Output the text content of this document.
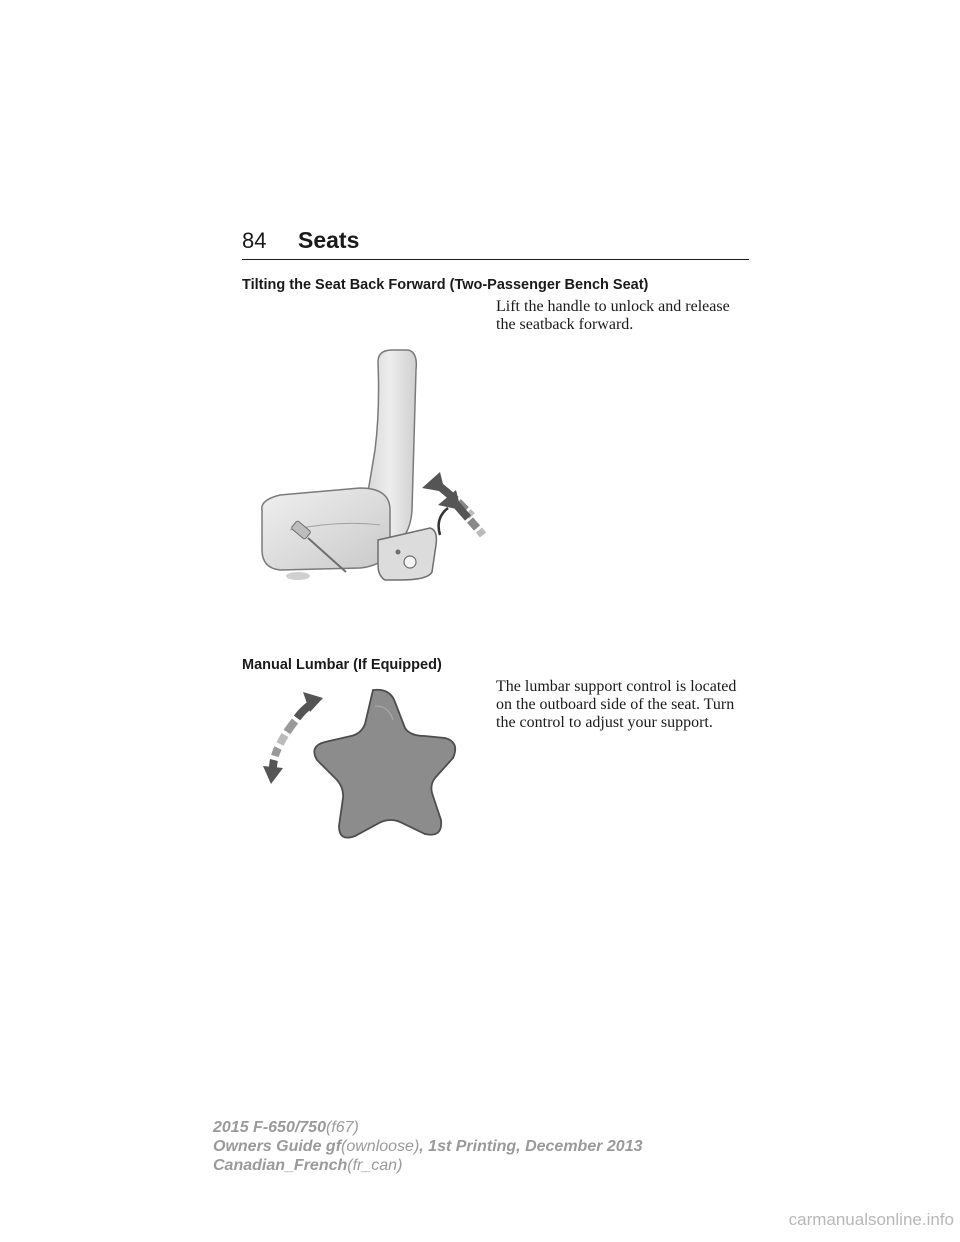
84 Seats
Tilting the Seat Back Forward (Two-Passenger Bench Seat)
Lift the handle to unlock and release the seatback forward.
Manual Lumbar (If Equipped)
The lumbar support control is located on the outboard side of the seat. Turn the control to adjust your support.
2015 F-650/750(f67)
Owners Guide gf(ownloose), 1st Printing, December 2013
Canadian_French(fr_can)
carmanualsonline.info
